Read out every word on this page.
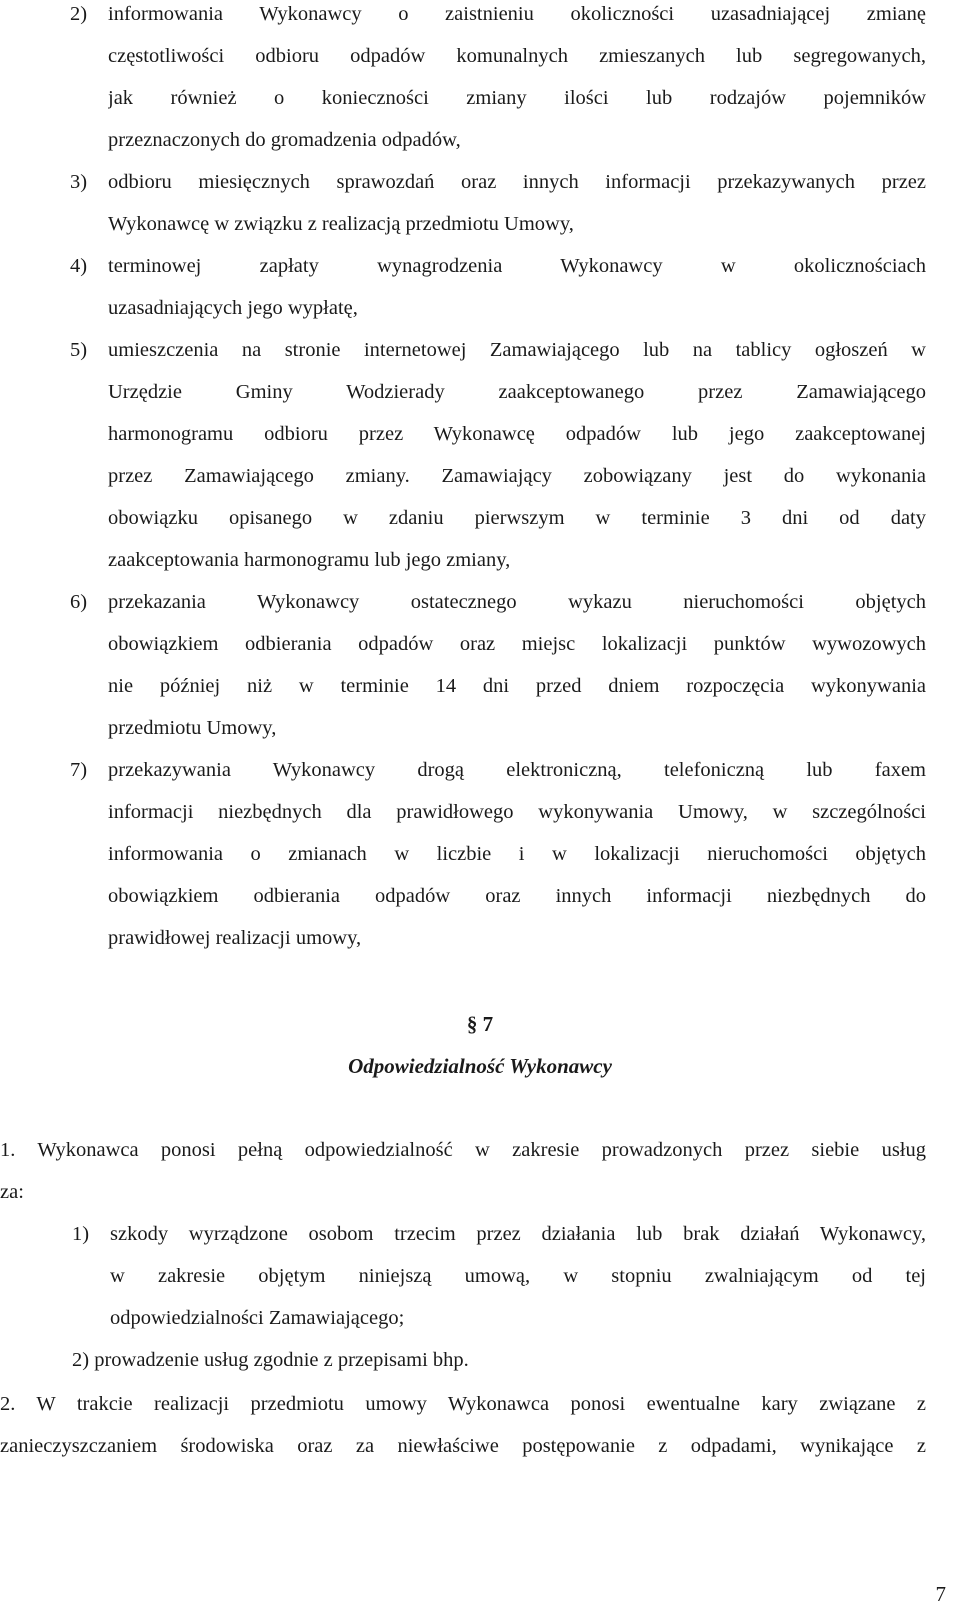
2) informowania Wykonawcy o zaistnieniu okoliczności uzasadniającej zmianę
częstotliwości odbioru odpadów komunalnych zmieszanych lub segregowanych,
jak również o konieczności zmiany ilości lub rodzajów pojemników
przeznaczonych do gromadzenia odpadów,
3) odbioru miesięcznych sprawozdań oraz innych informacji przekazywanych przez
Wykonawcę w związku z realizacją przedmiotu Umowy,
4) terminowej zapłaty wynagrodzenia Wykonawcy w okolicznościach
uzasadniających jego wypłatę,
5) umieszczenia na stronie internetowej Zamawiającego lub na tablicy ogłoszeń w
Urzędzie Gminy Wodzierady zaakceptowanego przez Zamawiającego
harmonogramu odbioru przez Wykonawcę odpadów lub jego zaakceptowanej
przez Zamawiającego zmiany. Zamawiający zobowiązany jest do wykonania
obowiązku opisanego w zdaniu pierwszym w terminie 3 dni od daty
zaakceptowania harmonogramu lub jego zmiany,
6) przekazania Wykonawcy ostatecznego wykazu nieruchomości objętych
obowiązkiem odbierania odpadów oraz miejsc lokalizacji punktów wywozowych
nie później niż w terminie 14 dni przed dniem rozpoczęcia wykonywania
przedmiotu Umowy,
7) przekazywania Wykonawcy drogą elektroniczną, telefoniczną lub faxem
informacji niezbędnych dla prawidłowego wykonywania Umowy, w szczególności
informowania o zmianach w liczbie i w lokalizacji nieruchomości objętych
obowiązkiem odbierania odpadów oraz innych informacji niezbędnych do
prawidłowej realizacji umowy,
§ 7
Odpowiedzialność Wykonawcy
1. Wykonawca ponosi pełną odpowiedzialność w zakresie prowadzonych przez siebie usług
za:
1) szkody wyrządzone osobom trzecim przez działania lub brak działań Wykonawcy,
w zakresie objętym niniejszą umową, w stopniu zwalniającym od tej
odpowiedzialności Zamawiającego;
2) prowadzenie usług zgodnie z przepisami bhp.
2. W trakcie realizacji przedmiotu umowy Wykonawca ponosi ewentualne kary związane z
zanieczyszczaniem środowiska oraz za niewłaściwe postępowanie z odpadami, wynikające z
7
